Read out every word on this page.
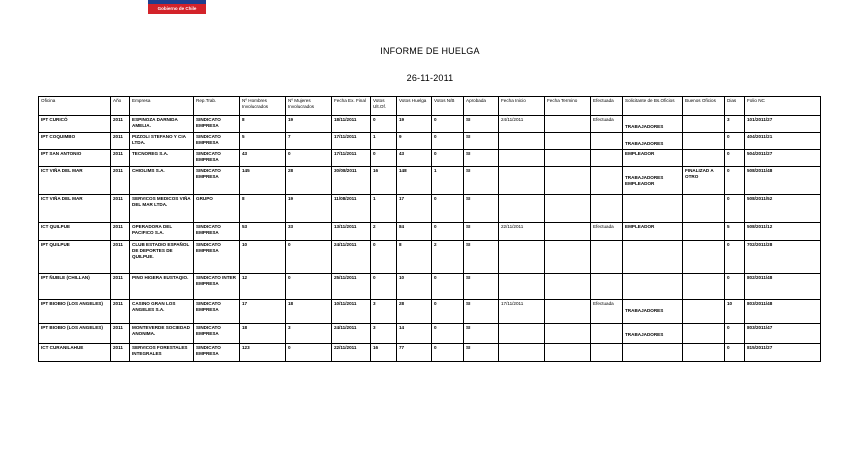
Gobierno de Chile
INFORME DE HUELGA
26-11-2011
Oficina	Año	Empresa	Rep.Trab.	Nº Hombres Involucrados	Nº Mujeres Involucrados	Fecha Ex. Final	Votos Ult.Of.	Votos Huelga	Votos N/B	Aprobada	Fecha Inicio	Fecha Termino	Efectuada	Solicitante de Bs.Oficios	Buenos Oficios	Dias	Folio NC
IPT CURICÓ	2011	ESPINOZA DARNIDA AMELIA.	SINDICATO EMPRESA	8	19	18/11/2011	0	19	0	SI	24/11/2011		Efectuada	TRABAJADORES		3	101/2011/27
IPT COQUIMBO	2011	PIZZOLI STEFANO Y CIA LTDA.	SINDICATO EMPRESA	5	7	17/11/2011	1	9	0	SI				TRABAJADORES		0	404/2011/21
IPT SAN ANTONIO	2011	TECNOREG S.A.	SINDICATO EMPRESA	43	0	17/11/2011	0	43	0	SI				EMPLEADOR		0	504/2011/27
ICT VIÑA DEL MAR	2011	CHIOLIMS S.A.	SINDICATO EMPRESA	145	28	30/08/2011	16	148	1	SI				TRABAJADORES EMPLEADOR	FINALIZAD A OTRO	0	508/2011/48
ICT VIÑA DEL MAR	2011	SERVICOS MEDICOS VIÑA DEL MAR LTDA.	GRUPO	8	19	11/08/2011	1	17	0	SI						0	508/2011/52
ICT QUILPUE	2011	OPERADORA DEL PACIFICO S.A.	SINDICATO EMPRESA	53	33	13/11/2011	2	84	0	SI	22/11/2011		Efectuada	EMPLEADOR		5	508/2011/12
IPT QUILPUE	2011	CLUB ESTADIO ESPAÑOL DE DEPORTES DE QUILPUE.	SINDICATO EMPRESA	10	0	24/11/2011	0	8	2	SI						0	702/2011/28
IPT ÑUBLE (CHILLAN)	2011	PINO HIGERA EUSTAQIO.	SINDICATO INTER EMPRESA	12	0	25/11/2011	0	10	0	SI						0	802/2011/48
IPT BIOBIO (LOS ANGELES)	2011	CASINO GRAN LOS ANGELES S.A.	SINDICATO EMPRESA	17	18	10/11/2011	3	28	0	SI	17/11/2011		Efectuada	TRABAJADORES		10	803/2011/48
IPT BIOBIO (LOS ANGELES)	2011	MONTEVERDE SOCIEDAD ANONIMA.	SINDICATO EMPRESA	18	3	24/11/2011	3	14	0	SI				TRABAJADORES		0	803/2011/47
ICT CURANILAHUE	2011	SERVICOS FORESTALES INTEGRALES	SINDICATO EMPRESA	123	0	22/11/2011	16	77	0	SI						0	815/2011/27
